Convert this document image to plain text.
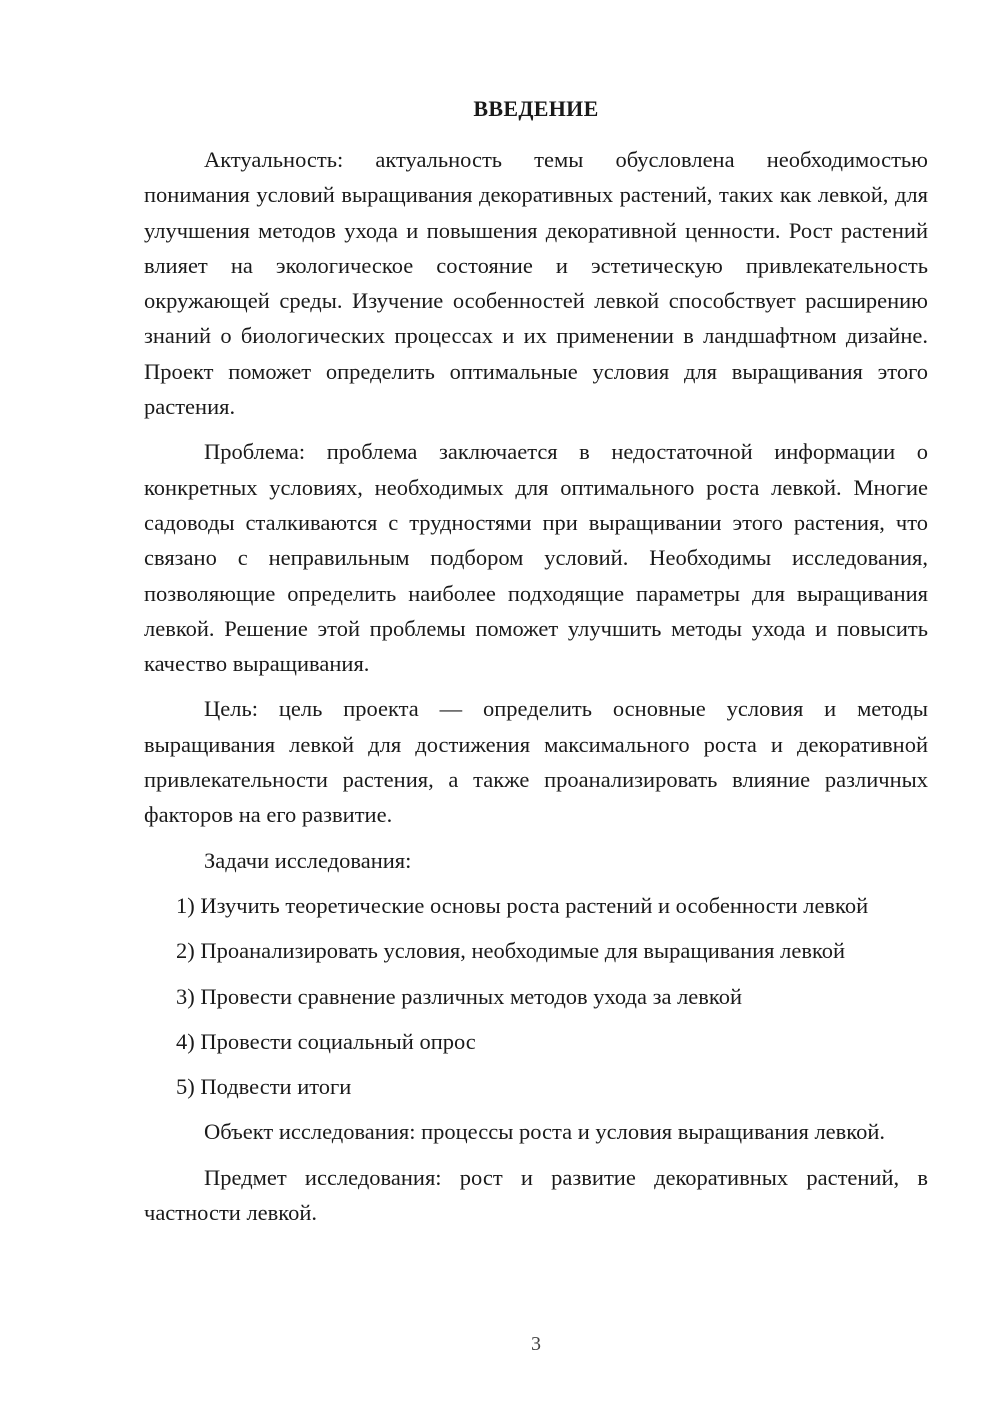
ВВЕДЕНИЕ

Актуальность: актуальность темы обусловлена необходимостью понимания условий выращивания декоративных растений, таких как левкой, для улучшения методов ухода и повышения декоративной ценности. Рост растений влияет на экологическое состояние и эстетическую привлекательность окружающей среды. Изучение особенностей левкой способствует расширению знаний о биологических процессах и их применении в ландшафтном дизайне. Проект поможет определить оптимальные условия для выращивания этого растения.

Проблема: проблема заключается в недостаточной информации о конкретных условиях, необходимых для оптимального роста левкой. Многие садоводы сталкиваются с трудностями при выращивании этого растения, что связано с неправильным подбором условий. Необходимы исследования, позволяющие определить наиболее подходящие параметры для выращивания левкой. Решение этой проблемы поможет улучшить методы ухода и повысить качество выращивания.

Цель: цель проекта — определить основные условия и методы выращивания левкой для достижения максимального роста и декоративной привлекательности растения, а также проанализировать влияние различных факторов на его развитие.

Задачи исследования:

1) Изучить теоретические основы роста растений и особенности левкой

2) Проанализировать условия, необходимые для выращивания левкой

3) Провести сравнение различных методов ухода за левкой

4) Провести социальный опрос

5) Подвести итоги

Объект исследования: процессы роста и условия выращивания левкой.

Предмет исследования: рост и развитие декоративных растений, в частности левкой.

3
